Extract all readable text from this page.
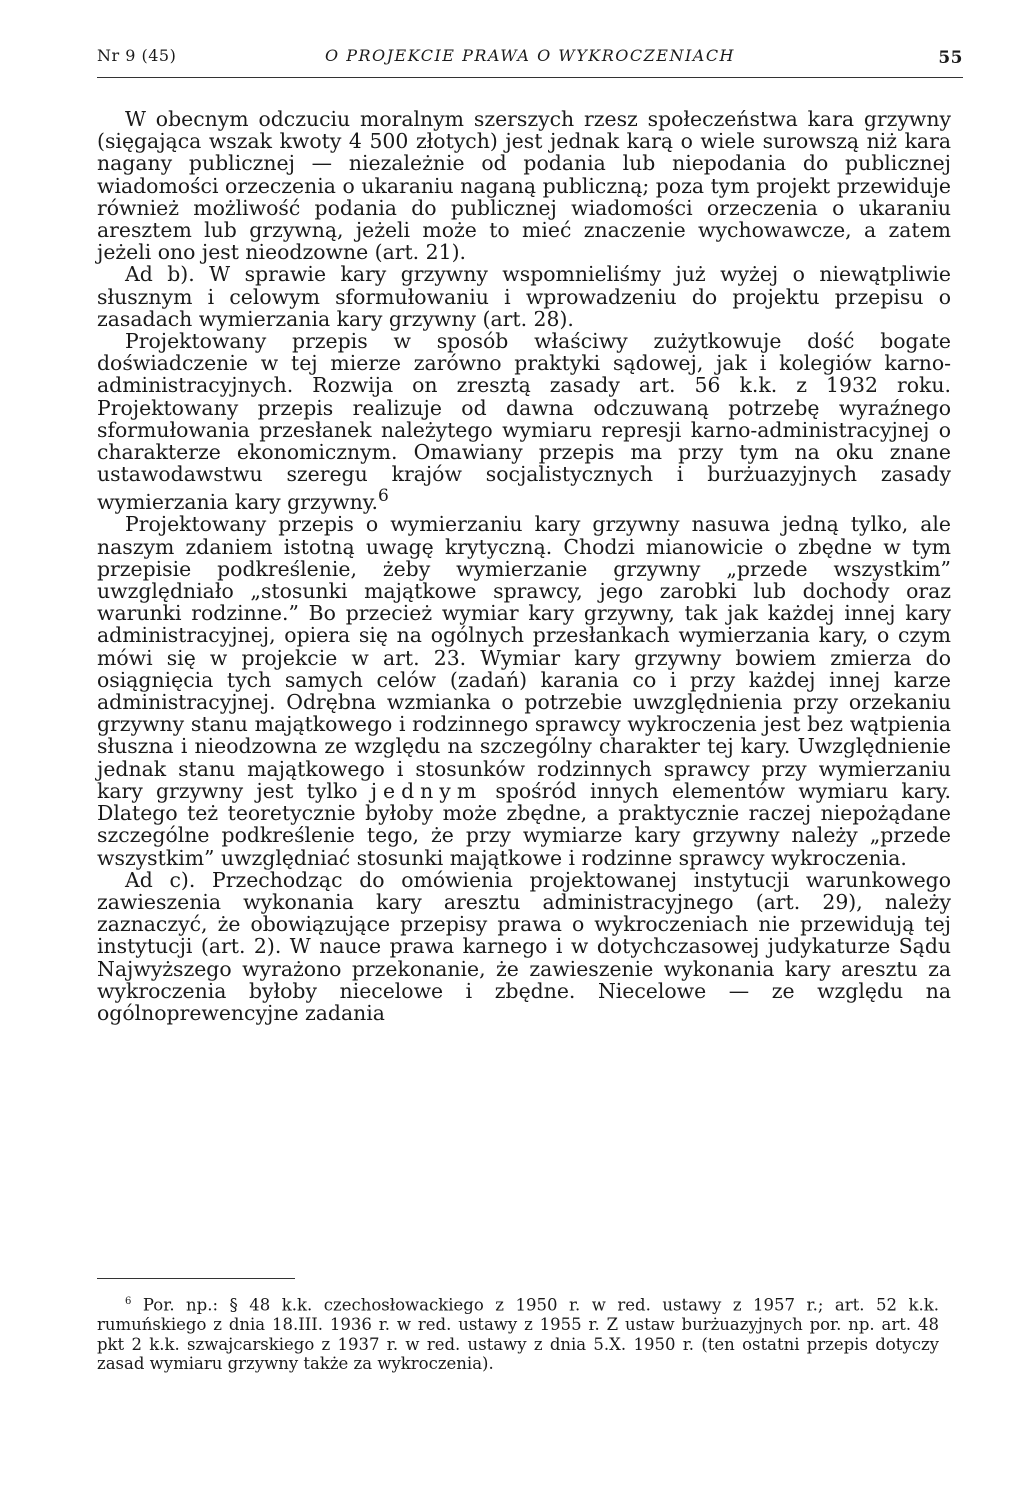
Nr 9 (45)	O PROJEKCIE PRAWA O WYKROCZENIACH	55

W obecnym odczuciu moralnym szerszych rzesz społeczeństwa kara grzywny (sięgająca wszak kwoty 4 500 złotych) jest jednak karą o wiele surowszą niż kara nagany publicznej — niezależnie od podania lub niepodania do publicznej wiadomości orzeczenia o ukaraniu naganą publiczną; poza tym projekt przewiduje również możliwość podania do publicznej wiadomości orzeczenia o ukaraniu aresztem lub grzywną, jeżeli może to mieć znaczenie wychowawcze, a zatem jeżeli ono jest nieodzowne (art. 21).

Ad b). W sprawie kary grzywny wspomnieliśmy już wyżej o niewątpliwie słusznym i celowym sformułowaniu i wprowadzeniu do projektu przepisu o zasadach wymierzania kary grzywny (art. 28).

Projektowany przepis w sposób właściwy zużytkowuje dość bogate doświadczenie w tej mierze zarówno praktyki sądowej, jak i kolegiów karno-administracyjnych. Rozwija on zresztą zasady art. 56 k.k. z 1932 roku. Projektowany przepis realizuje od dawna odczuwaną potrzebę wyraźnego sformułowania przesłanek należytego wymiaru represji karno-administracyjnej o charakterze ekonomicznym. Omawiany przepis ma przy tym na oku znane ustawodawstwu szeregu krajów socjalistycznych i burżuazyjnych zasady wymierzania kary grzywny.$^6$

Projektowany przepis o wymierzaniu kary grzywny nasuwa jedną tylko, ale naszym zdaniem istotną uwagę krytyczną. Chodzi mianowicie o zbędne w tym przepisie podkreślenie, żeby wymierzanie grzywny „przede wszystkim” uwzględniało „stosunki majątkowe sprawcy, jego zarobki lub dochody oraz warunki rodzinne.” Bo przecież wymiar kary grzywny, tak jak każdej innej kary administracyjnej, opiera się na ogólnych przesłankach wymierzania kary, o czym mówi się w projekcie w art. 23. Wymiar kary grzywny bowiem zmierza do osiągnięcia tych samych celów (zadań) karania co i przy każdej innej karze administracyjnej. Odrębna wzmianka o potrzebie uwzględnienia przy orzekaniu grzywny stanu majątkowego i rodzinnego sprawcy wykroczenia jest bez wątpienia słuszna i nieodzowna ze względu na szczególny charakter tej kary. Uwzględnienie jednak stanu majątkowego i stosunków rodzinnych sprawcy przy wymierzaniu kary grzywny jest tylko jednym spośród innych elementów wymiaru kary. Dlatego też teoretycznie byłoby może zbędne, a praktycznie raczej niepożądane szczególne podkreślenie tego, że przy wymiarze kary grzywny należy „przede wszystkim” uwzględniać stosunki majątkowe i rodzinne sprawcy wykroczenia.

Ad c). Przechodząc do omówienia projektowanej instytucji warunkowego zawieszenia wykonania kary aresztu administracyjnego (art. 29), należy zaznaczyć, że obowiązujące przepisy prawa o wykroczeniach nie przewidują tej instytucji (art. 2). W nauce prawa karnego i w dotychczasowej judykaturze Sądu Najwyższego wyrażono przekonanie, że zawieszenie wykonania kary aresztu za wykroczenia byłoby niecelowe i zbędne. Niecelowe — ze względu na ogólnoprewencyjne zadania

$^6$ Por. np.: § 48 k.k. czechosłowackiego z 1950 r. w red. ustawy z 1957 r.; art. 52 k.k. rumuńskiego z dnia 18.III. 1936 r. w red. ustawy z 1955 r. Z ustaw burżuazyjnych por. np. art. 48 pkt 2 k.k. szwajcarskiego z 1937 r. w red. ustawy z dnia 5.X. 1950 r. (ten ostatni przepis dotyczy zasad wymiaru grzywny także za wykroczenia).
